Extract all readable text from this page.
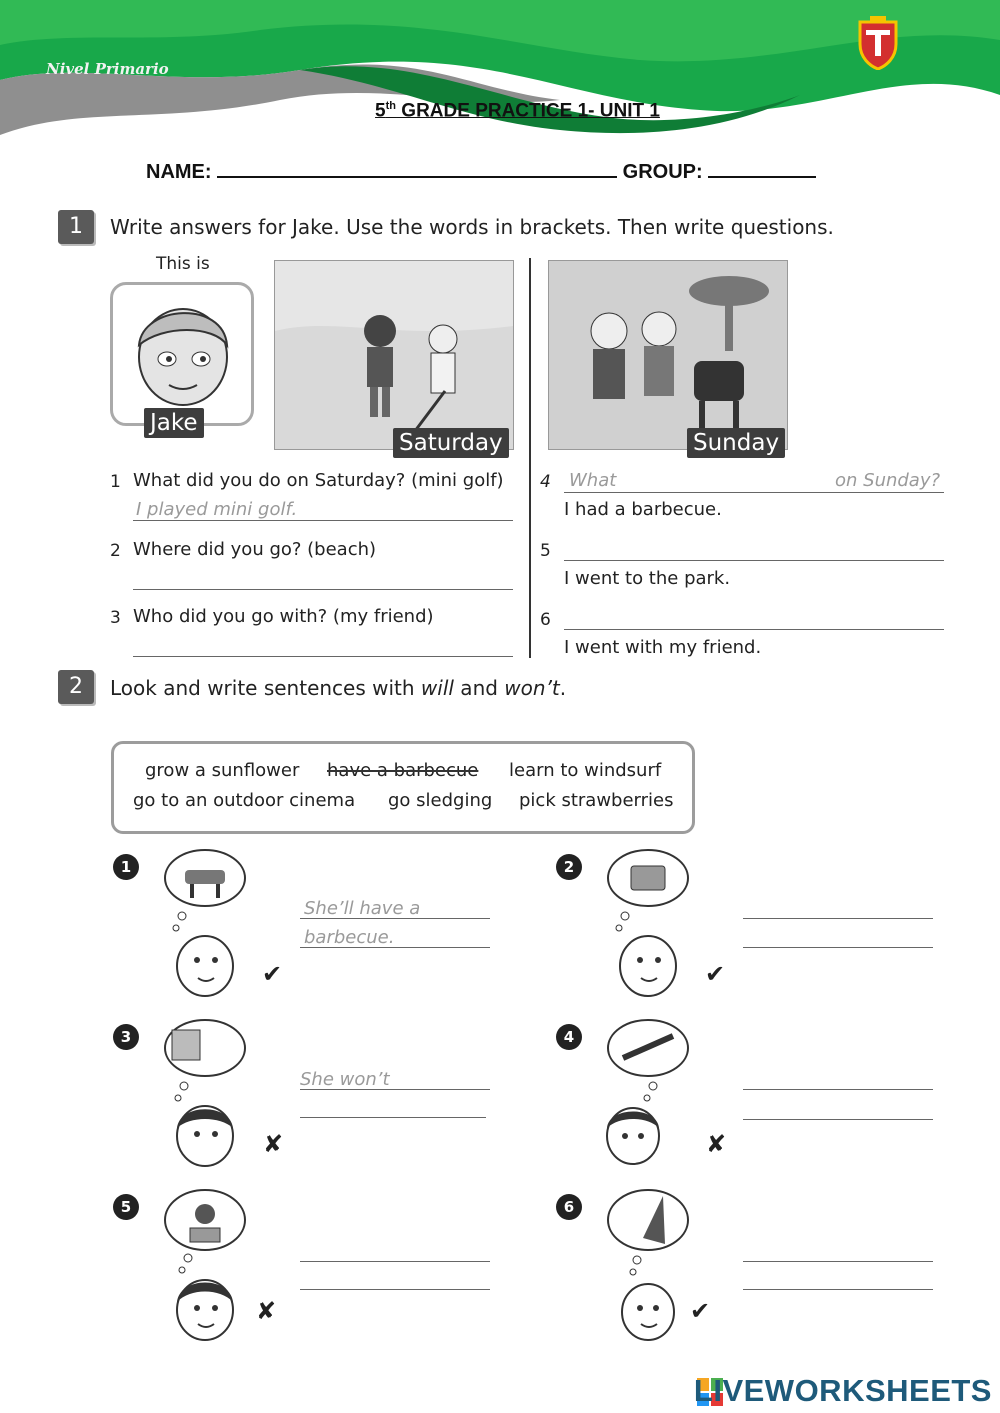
Nivel Primario
5th GRADE PRACTICE 1- UNIT 1
NAME:	GROUP:
1	Write answers for Jake. Use the words in brackets. Then write questions.
This is
Jake
Saturday	Sunday
1 What did you do on Saturday? (mini golf)
I played mini golf.
2 Where did you go? (beach)
3 Who did you go with? (my friend)
4 What	on Sunday?
I had a barbecue.
5
I went to the park.
6
I went with my friend.
2	Look and write sentences with will and won’t.
grow a sunflower have a barbecue learn to windsurf
go to an outdoor cinema go sledging pick strawberries
1
✔
She’ll have a
barbecue.
2
✔
3
✘
She won’t
4
✘
5
✘
6
✔
LIVEWORKSHEETS
